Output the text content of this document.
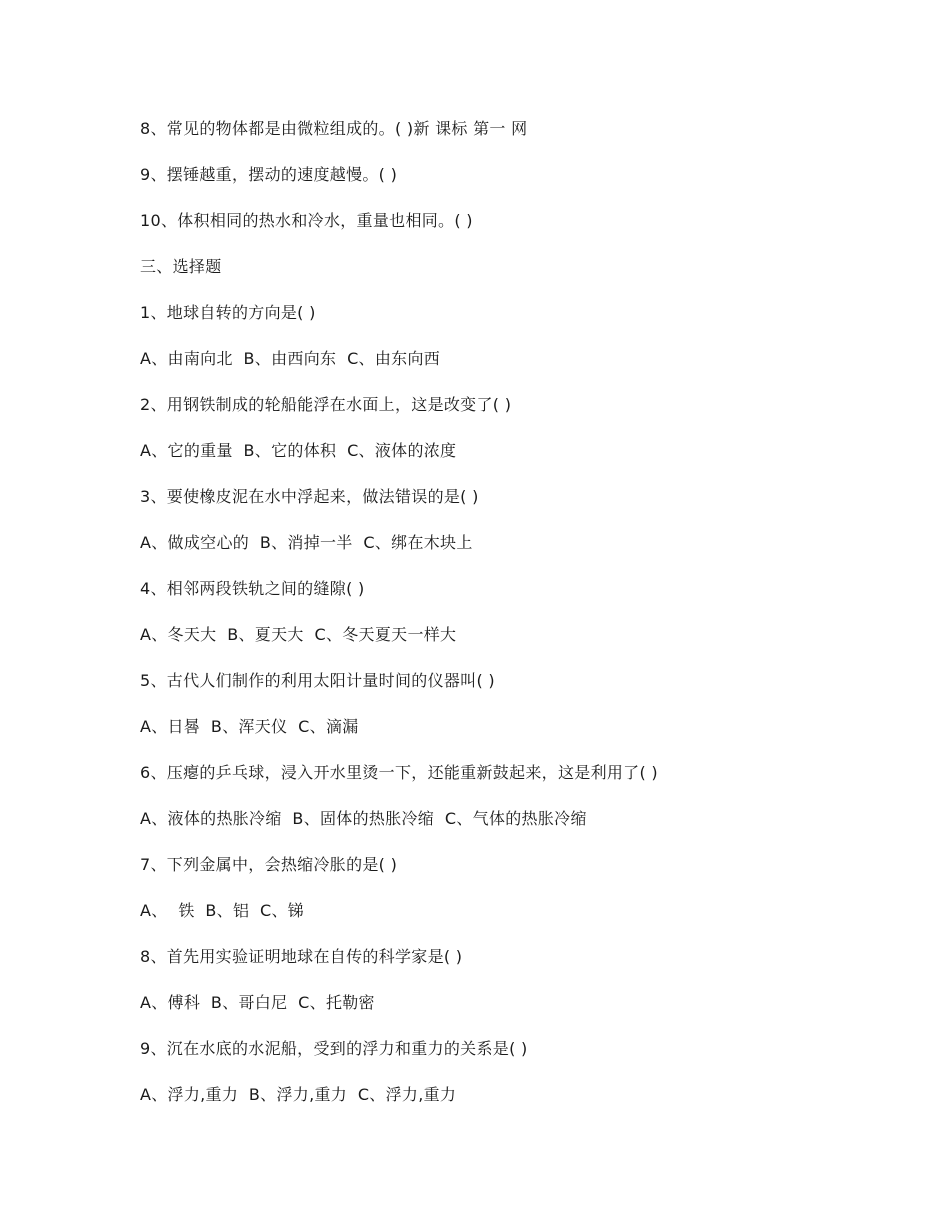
8、常见的物体都是由微粒组成的。( )新 课标 第一 网
9、摆锤越重，摆动的速度越慢。( )
10、体积相同的热水和冷水，重量也相同。( )
三、选择题
1、地球自转的方向是( )
A、由南向北  B、由西向东  C、由东向西
2、用钢铁制成的轮船能浮在水面上，这是改变了( )
A、它的重量  B、它的体积  C、液体的浓度
3、要使橡皮泥在水中浮起来，做法错误的是( )
A、做成空心的  B、消掉一半  C、绑在木块上
4、相邻两段铁轨之间的缝隙( )
A、冬天大  B、夏天大  C、冬天夏天一样大
5、古代人们制作的利用太阳计量时间的仪器叫( )
A、日晷  B、浑天仪  C、滴漏
6、压瘪的乒乓球，浸入开水里烫一下，还能重新鼓起来，这是利用了( )
A、液体的热胀冷缩  B、固体的热胀冷缩  C、气体的热胀冷缩
7、下列金属中，会热缩冷胀的是( )
A、  铁  B、铝  C、锑
8、首先用实验证明地球在自传的科学家是( )
A、傅科  B、哥白尼  C、托勒密
9、沉在水底的水泥船，受到的浮力和重力的关系是( )
A、浮力,重力  B、浮力,重力  C、浮力,重力
